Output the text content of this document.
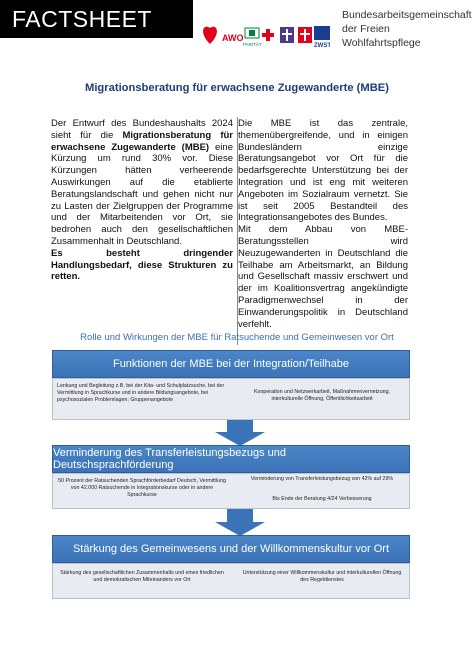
FACTSHEET
AWO
PARITÄT	ZWST
Bundesarbeitsgemeinschaft
der Freien
Wohlfahrtspflege
Migrationsberatung für erwachsene Zugewanderte (MBE)

Der Entwurf des Bundeshaushalts 2024 sieht für die Migrationsberatung für erwachsene Zugewanderte (MBE) eine Kürzung um rund 30% vor. Diese Kürzungen hätten verheerende Auswirkungen auf die etablierte Beratungslandschaft und gehen nicht nur zu Lasten der Zielgruppen der Programme und der Mitarbeitenden vor Ort, sie bedrohen auch den gesellschaftlichen Zusammenhalt in Deutschland.

Es besteht dringender Handlungsbedarf, diese Strukturen zu retten.

Die MBE ist das zentrale, themenübergreifende, und in einigen Bundesländern einzige Beratungsangebot vor Ort für die bedarfsgerechte Unterstützung bei der Integration und ist eng mit weiteren Angeboten im Sozialraum vernetzt. Sie ist seit 2005 Bestandteil des Integrationsangebotes des Bundes.

Mit dem Abbau von MBE-Beratungsstellen wird Neuzugewanderten in Deutschland die Teilhabe am Arbeitsmarkt, an Bildung und Gesellschaft massiv erschwert und der im Koalitionsvertrag angekündigte Paradigmenwechsel in der Einwanderungspolitik in Deutschland verfehlt.

Rolle und Wirkungen der MBE für Ratsuchende und Gemeinwesen vor Ort
Funktionen der MBE bei der Integration/Teilhabe
Lenkung und Begleitung z.B. bei der Kita- und Schulplatzsuche, bei der Vermittlung in Sprachkurse und in andere Bildungsangebote, bei psychosozialen Problemlagen; Gruppenangebote
Kooperation und Netzwerkarbeit, Maßnahmenvernetzung, interkulturelle Öffnung, Öffentlichkeitsarbeit
Verminderung des Transferleistungsbezugs und Deutschsprachförderung
50 Prozent der Ratsuchenden Sprachförderbedarf Deutsch, Vermittlung von 42.000 Ratsuchende in Integrationskurse oder in andere Sprachkurse
Verminderung von Transferleistungsbezug von 42% auf 29%
Bis Ende der Beratung 4/24 Verbesserung
Stärkung des Gemeinwesens und der Willkommenskultur vor Ort
Stärkung des gesellschaftlichen Zusammenhalts und eines friedlichen und demokratischen Miteinanders vor Ort
Unterstützung einer Willkommenskultur und interkulturellen Öffnung des Regeldienstes
